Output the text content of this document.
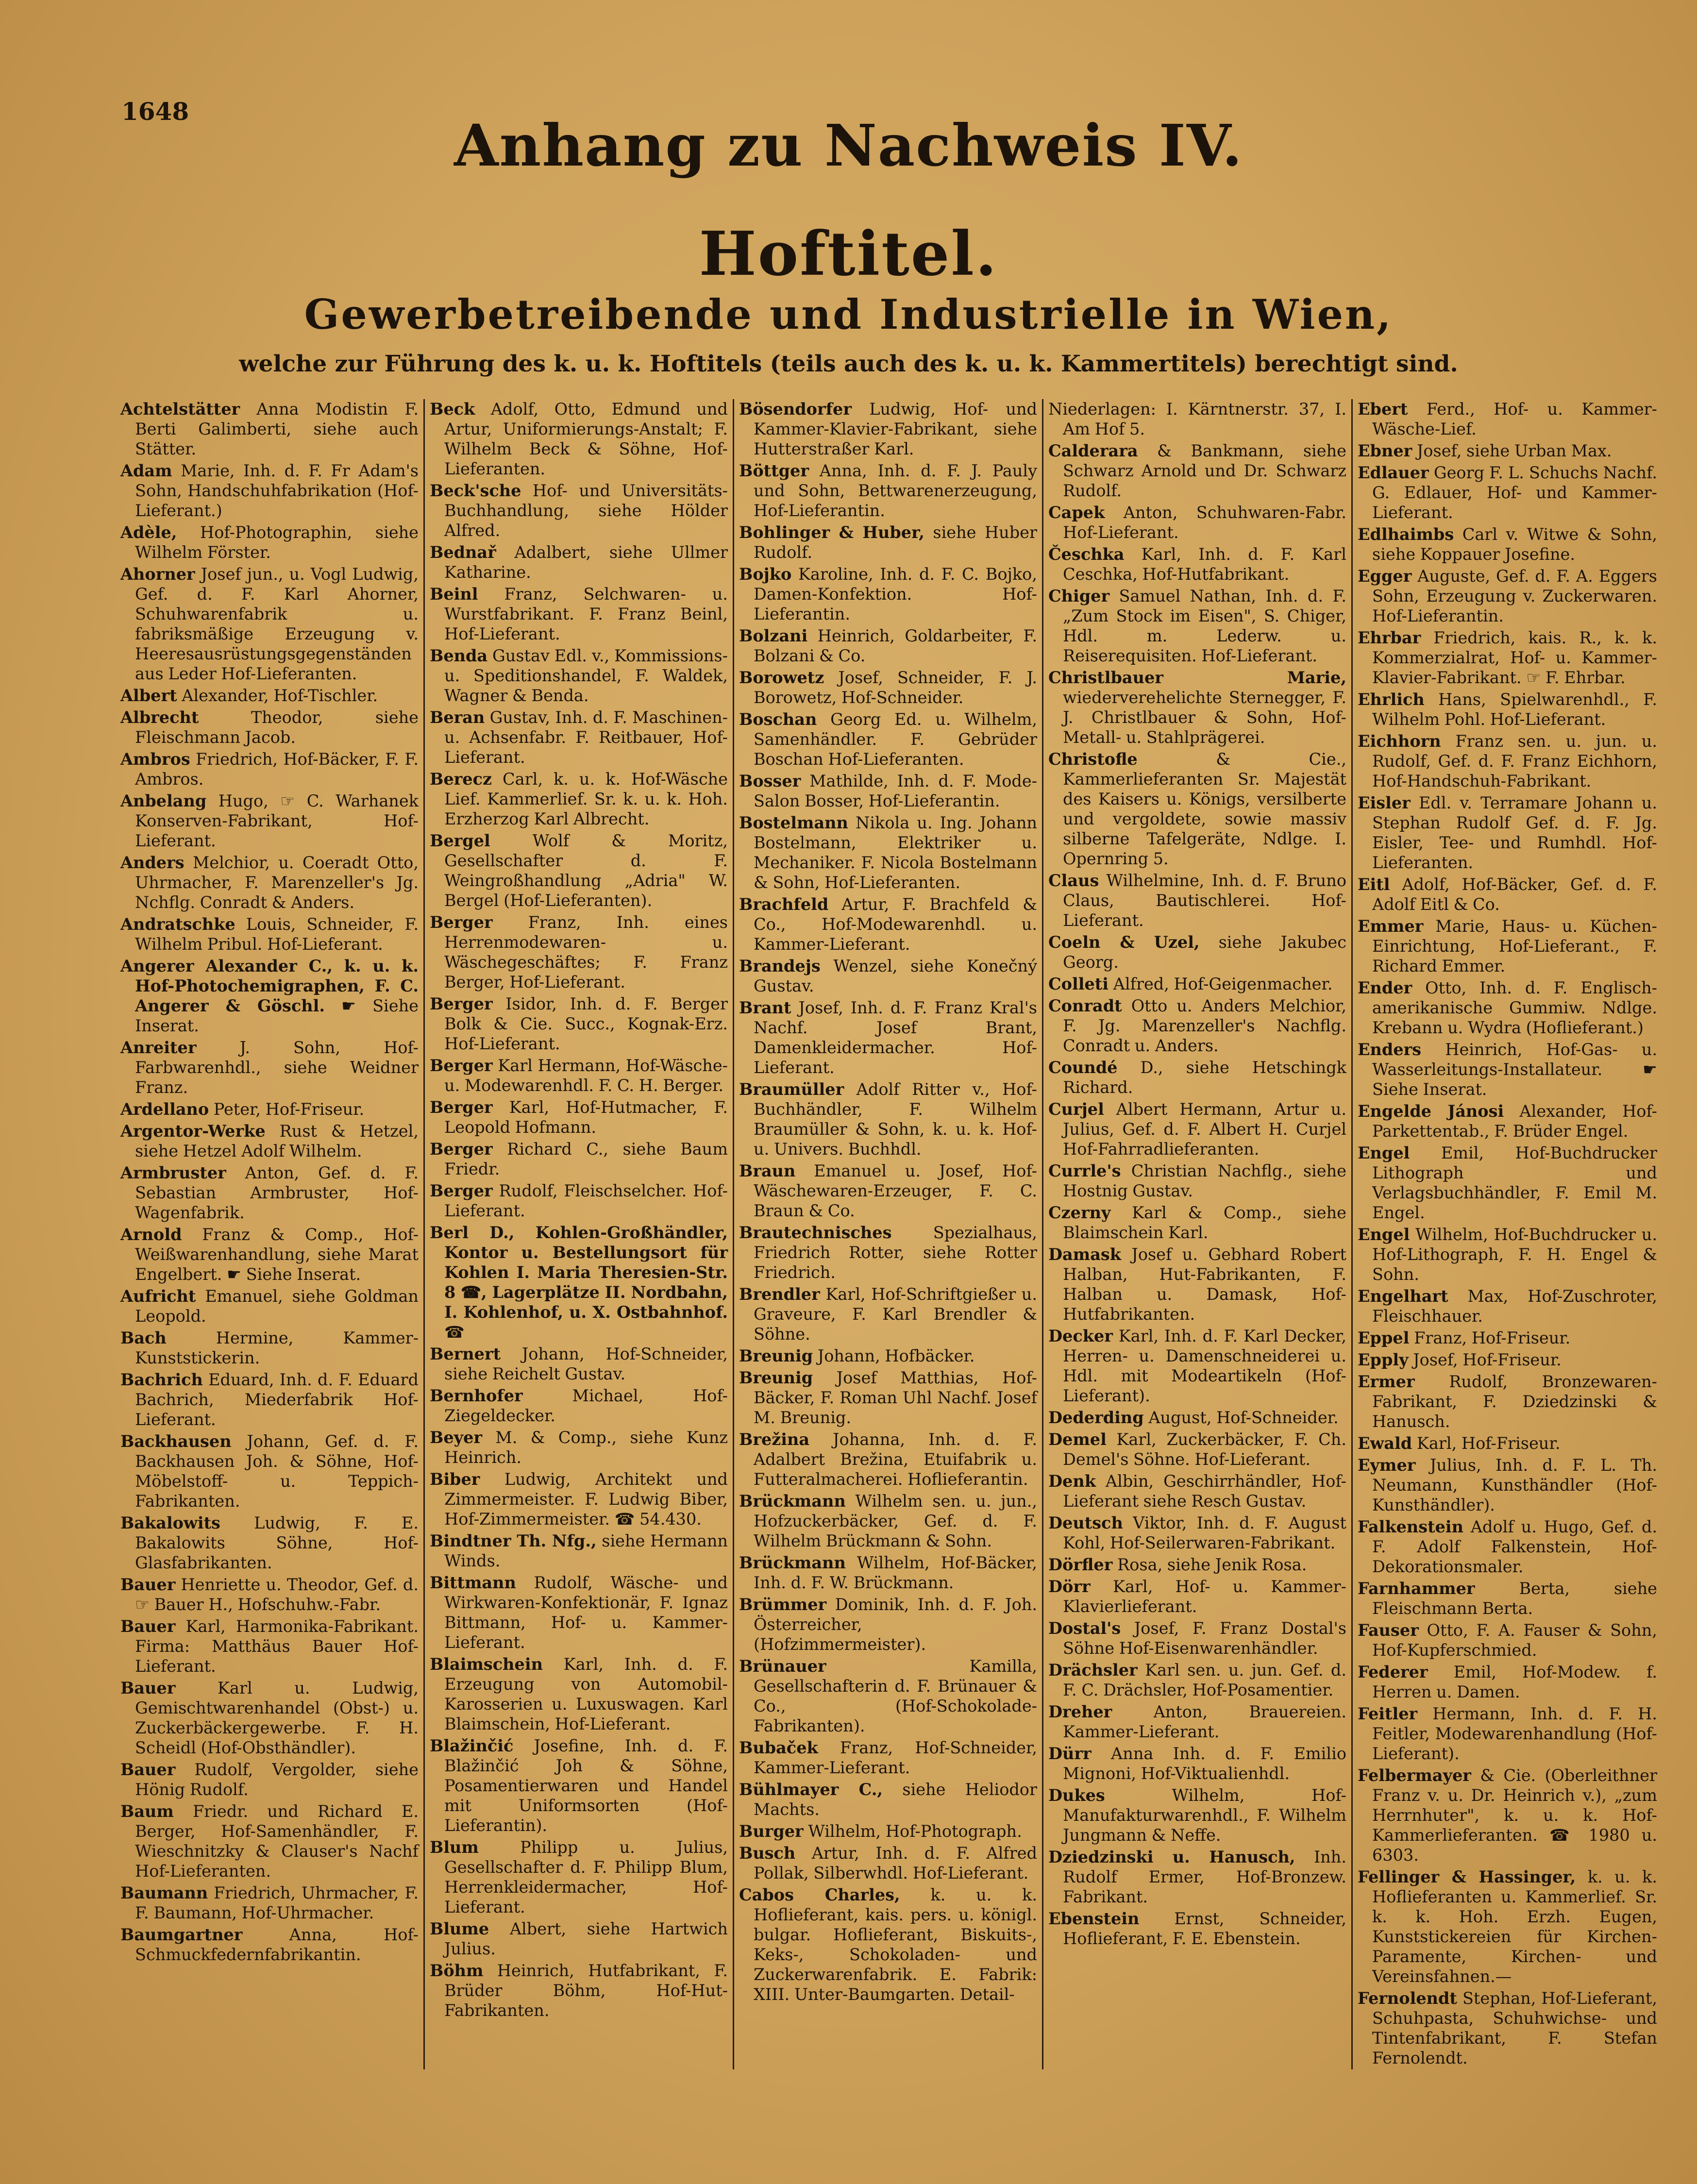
1648
Anhang zu Nachweis IV.
Hoftitel.
Gewerbetreibende und Industrielle in Wien,
welche zur Führung des k. u. k. Hoftitels (teils auch des k. u. k. Kammertitels) berechtigt sind.

Achtelstätter Anna Modistin F. Berti Galimberti, siehe auch Stätter.

Adam Marie, Inh. d. F. Fr Adam's Sohn, Handschuhfabrikation (Hof-Lieferant.)

Adèle, Hof-Photographin, siehe Wilhelm Förster.

Ahorner Josef jun., u. Vogl Ludwig, Gef. d. F. Karl Ahorner, Schuhwarenfabrik u. fabriksmäßige Erzeugung v. Heeresausrüstungsgegenständen aus Leder Hof-Lieferanten.

Albert Alexander, Hof-Tischler.

Albrecht	Theodor, siehe Fleischmann Jacob.

Ambros Friedrich, Hof-Bäcker, F. F. Ambros.

Anbelang Hugo, ☞ C. Warhanek Konserven-Fabrikant, Hof-Lieferant.

Anders Melchior, u. Coeradt Otto, Uhrmacher, F. Marenzeller's Jg. Nchflg. Conradt & Anders.

Andratschke Louis, Schneider, F. Wilhelm Pribul. Hof-Lieferant.

Angerer Alexander C., k. u. k. Hof-Photochemigraphen, F. C. Angerer & Göschl. ☛ Siehe Inserat.

Anreiter	J. Sohn, Hof-Farbwarenhdl., siehe Weidner Franz.

Ardellano Peter, Hof-Friseur.

Argentor-Werke Rust & Hetzel, siehe Hetzel Adolf Wilhelm.

Armbruster Anton, Gef. d. F. Sebastian Armbruster, Hof-Wagenfabrik.

Arnold Franz & Comp., Hof-Weißwarenhandlung, siehe Marat Engelbert. ☛ Siehe Inserat.

Aufricht Emanuel, siehe Goldman Leopold.

Bach	Hermine, Kammer-Kunststickerin.

Bachrich Eduard, Inh. d. F. Eduard Bachrich, Miederfabrik Hof-Lieferant.

Backhausen Johann, Gef. d. F. Backhausen Joh. & Söhne, Hof-Möbelstoff- u. Teppich-Fabrikanten.

Bakalowits Ludwig, F. E. Bakalowits Söhne, Hof-Glasfabrikanten.

Bauer Henriette u. Theodor, Gef. d. ☞ Bauer H., Hofschuhw.-Fabr.

Bauer Karl, Harmonika-Fabrikant. Firma: Matthäus Bauer Hof-Lieferant.

Bauer	Karl u. Ludwig, Gemischtwarenhandel (Obst-) u. Zuckerbäckergewerbe. F. H. Scheidl (Hof-Obsthändler).

Bauer Rudolf, Vergolder, siehe Hönig Rudolf.

Baum Friedr. und Richard E. Berger, Hof-Samenhändler, F. Wieschnitzky & Clauser's Nachf Hof-Lieferanten.

Baumann Friedrich, Uhrmacher, F. F. Baumann, Hof-Uhrmacher.

Baumgartner	Anna, Hof-Schmuckfedernfabrikantin.

Beck Adolf, Otto, Edmund und Artur, Uniformierungs-Anstalt; F. Wilhelm Beck & Söhne, Hof-Lieferanten.

Beck'sche Hof- und Universitäts-Buchhandlung, siehe Hölder Alfred.

Bednař Adalbert, siehe Ullmer Katharine.

Beinl Franz, Selchwaren- u. Wurstfabrikant. F. Franz Beinl, Hof-Lieferant.

Benda Gustav Edl. v., Kommissions- u. Speditionshandel, F. Waldek, Wagner & Benda.

Beran Gustav, Inh. d. F. Maschinen- u. Achsenfabr. F. Reitbauer, Hof-Lieferant.

Berecz Carl, k. u. k. Hof-Wäsche Lief. Kammerlief. Sr. k. u. k. Hoh. Erzherzog Karl Albrecht.

Bergel	Wolf & Moritz, Gesellschafter d. F. Weingroßhandlung „Adria" W. Bergel (Hof-Lieferanten).

Berger Franz, Inh. eines Herrenmodewaren- u. Wäschegeschäftes; F. Franz Berger, Hof-Lieferant.

Berger Isidor, Inh. d. F. Berger Bolk & Cie. Succ., Kognak-Erz. Hof-Lieferant.

Berger Karl Hermann, Hof-Wäsche- u. Modewarenhdl. F. C. H. Berger.

Berger Karl, Hof-Hutmacher, F. Leopold Hofmann.

Berger Richard C., siehe Baum Friedr.

Berger Rudolf, Fleischselcher. Hof-Lieferant.

Berl D., Kohlen-Großhändler, Kontor u. Bestellungsort für Kohlen I. Maria Theresien-Str. 8 ☎, Lagerplätze II. Nordbahn, I. Kohlenhof, u. X. Ostbahnhof. ☎

Bernert Johann, Hof-Schneider, siehe Reichelt Gustav.

Bernhofer	Michael, Hof-Ziegeldecker.

Beyer M. & Comp., siehe Kunz Heinrich.

Biber Ludwig, Architekt und Zimmermeister. F. Ludwig Biber, Hof-Zimmermeister. ☎ 54.430.

Bindtner Th. Nfg., siehe Hermann Winds.

Bittmann Rudolf, Wäsche- und Wirkwaren-Konfektionär, F. Ignaz Bittmann, Hof- u. Kammer-Lieferant.

Blaimschein Karl, Inh. d. F. Erzeugung von Automobil-Karosserien u. Luxuswagen. Karl Blaimschein, Hof-Lieferant.

Blažinčić Josefine, Inh. d. F. Blažinčić Joh & Söhne, Posamentierwaren und Handel mit Uniformsorten (Hof-Lieferantin).

Blum	Philipp u. Julius, Gesellschafter d. F. Philipp Blum, Herrenkleidermacher, Hof-Lieferant.

Blume Albert, siehe Hartwich Julius.

Böhm Heinrich, Hutfabrikant, F. Brüder Böhm, Hof-Hut-Fabrikanten.

Bösendorfer Ludwig, Hof- und Kammer-Klavier-Fabrikant, siehe Hutterstraßer Karl.

Böttger Anna, Inh. d. F. J. Pauly und Sohn, Bettwarenerzeugung, Hof-Lieferantin.

Bohlinger & Huber, siehe Huber Rudolf.

Bojko Karoline, Inh. d. F. C. Bojko, Damen-Konfektion. Hof-Lieferantin.

Bolzani Heinrich, Goldarbeiter, F. Bolzani & Co.

Borowetz Josef, Schneider, F. J. Borowetz, Hof-Schneider.

Boschan Georg Ed. u. Wilhelm, Samenhändler. F. Gebrüder Boschan Hof-Lieferanten.

Bosser Mathilde, Inh. d. F. Mode-Salon Bosser, Hof-Lieferantin.

Bostelmann Nikola u. Ing. Johann Bostelmann, Elektriker u. Mechaniker. F. Nicola Bostelmann & Sohn, Hof-Lieferanten.

Brachfeld Artur, F. Brachfeld & Co., Hof-Modewarenhdl. u. Kammer-Lieferant.

Brandejs Wenzel, siehe Konečný Gustav.

Brant Josef, Inh. d. F. Franz Kral's Nachf. Josef Brant, Damenkleidermacher. Hof-Lieferant.

Braumüller Adolf Ritter v., Hof-Buchhändler, F. Wilhelm Braumüller & Sohn, k. u. k. Hof- u. Univers. Buchhdl.

Braun Emanuel u. Josef, Hof-Wäschewaren-Erzeuger, F. C. Braun & Co.

Brautechnisches	Spezialhaus, Friedrich Rotter, siehe Rotter Friedrich.

Brendler Karl, Hof-Schriftgießer u. Graveure, F. Karl Brendler & Söhne.

Breunig Johann, Hofbäcker.

Breunig Josef Matthias, Hof-Bäcker, F. Roman Uhl Nachf. Josef M. Breunig.

Brežina Johanna, Inh. d. F. Adalbert Brežina, Etuifabrik u. Futteralmacherei. Hoflieferantin.

Brückmann Wilhelm sen. u. jun., Hofzuckerbäcker, Gef. d. F. Wilhelm Brückmann & Sohn.

Brückmann Wilhelm, Hof-Bäcker, Inh. d. F. W. Brückmann.

Brümmer Dominik, Inh. d. F. Joh. Österreicher, (Hofzimmermeister).

Brünauer	Kamilla, Gesellschafterin d. F. Brünauer & Co., (Hof-Schokolade-Fabrikanten).

Bubaček Franz, Hof-Schneider, Kammer-Lieferant.

Bühlmayer C., siehe Heliodor Machts.

Burger Wilhelm, Hof-Photograph.

Busch Artur, Inh. d. F. Alfred Pollak, Silberwhdl. Hof-Lieferant.

Cabos Charles, k. u. k. Hoflieferant, kais. pers. u. königl. bulgar. Hoflieferant, Biskuits-, Keks-, Schokoladen- und Zuckerwarenfabrik. E. Fabrik: XIII. Unter-Baumgarten. Detail-

Niederlagen: I. Kärntnerstr. 37, I. Am Hof 5.

Calderara & Bankmann, siehe Schwarz Arnold und Dr. Schwarz Rudolf.

Capek Anton, Schuhwaren-Fabr. Hof-Lieferant.

Česchka Karl, Inh. d. F. Karl Ceschka, Hof-Hutfabrikant.

Chiger Samuel Nathan, Inh. d. F. „Zum Stock im Eisen", S. Chiger, Hdl. m. Lederw. u. Reiserequisiten. Hof-Lieferant.

Christlbauer Marie, wiederverehelichte Sternegger, F. J. Christlbauer & Sohn, Hof-Metall- u. Stahlprägerei.

Christofle	& Cie., Kammerlieferanten Sr. Majestät des Kaisers u. Königs, versilberte und vergoldete, sowie massiv silberne Tafelgeräte, Ndlge. I. Opernring 5.

Claus Wilhelmine, Inh. d. F. Bruno Claus, Bautischlerei. Hof-Lieferant.

Coeln & Uzel, siehe Jakubec Georg.

Colleti Alfred, Hof-Geigenmacher.

Conradt Otto u. Anders Melchior, F. Jg. Marenzeller's Nachflg. Conradt u. Anders.

Coundé D., siehe Hetschingk Richard.

Curjel Albert Hermann, Artur u. Julius, Gef. d. F. Albert H. Curjel Hof-Fahrradlieferanten.

Currle's Christian Nachflg., siehe Hostnig Gustav.

Czerny Karl & Comp., siehe Blaimschein Karl.

Damask Josef u. Gebhard Robert Halban, Hut-Fabrikanten, F. Halban u. Damask, Hof-Hutfabrikanten.

Decker Karl, Inh. d. F. Karl Decker, Herren- u. Damenschneiderei u. Hdl. mit Modeartikeln (Hof-Lieferant).

Dederding August, Hof-Schneider.

Demel Karl, Zuckerbäcker, F. Ch. Demel's Söhne. Hof-Lieferant.

Denk Albin, Geschirrhändler, Hof-Lieferant siehe Resch Gustav.

Deutsch Viktor, Inh. d. F. August Kohl, Hof-Seilerwaren-Fabrikant.

Dörfler Rosa, siehe Jenik Rosa.

Dörr Karl, Hof- u. Kammer-Klavierlieferant.

Dostal's Josef, F. Franz Dostal's Söhne Hof-Eisenwarenhändler.

Drächsler Karl sen. u. jun. Gef. d. F. C. Drächsler, Hof-Posamentier.

Dreher	Anton, Brauereien. Kammer-Lieferant.

Dürr Anna Inh. d. F. Emilio Mignoni, Hof-Viktualienhdl.

Dukes	Wilhelm, Hof-Manufakturwarenhdl., F. Wilhelm Jungmann & Neffe.

Dziedzinski u. Hanusch, Inh. Rudolf Ermer, Hof-Bronzew. Fabrikant.

Ebenstein Ernst, Schneider, Hoflieferant, F. E. Ebenstein.

Ebert Ferd., Hof- u. Kammer-Wäsche-Lief.

Ebner Josef, siehe Urban Max.

Edlauer Georg F. L. Schuchs Nachf. G. Edlauer, Hof- und Kammer-Lieferant.

Edlhaimbs Carl v. Witwe & Sohn, siehe Koppauer Josefine.

Egger Auguste, Gef. d. F. A. Eggers Sohn, Erzeugung v. Zuckerwaren. Hof-Lieferantin.

Ehrbar Friedrich, kais. R., k. k. Kommerzialrat, Hof- u. Kammer-Klavier-Fabrikant. ☞ F. Ehrbar.

Ehrlich Hans, Spielwarenhdl., F. Wilhelm Pohl. Hof-Lieferant.

Eichhorn Franz sen. u. jun. u. Rudolf, Gef. d. F. Franz Eichhorn, Hof-Handschuh-Fabrikant.

Eisler Edl. v. Terramare Johann u. Stephan Rudolf Gef. d. F. Jg. Eisler, Tee- und Rumhdl. Hof-Lieferanten.

Eitl Adolf, Hof-Bäcker, Gef. d. F. Adolf Eitl & Co.

Emmer Marie, Haus- u. Küchen-Einrichtung, Hof-Lieferant., F. Richard Emmer.

Ender Otto, Inh. d. F. Englisch-amerikanische Gummiw. Ndlge. Krebann u. Wydra (Hoflieferant.)

Enders Heinrich, Hof-Gas- u. Wasserleitungs-Installateur. ☛ Siehe Inserat.

Engelde Jánosi Alexander, Hof-Parkettentab., F. Brüder Engel.

Engel Emil, Hof-Buchdrucker Lithograph und Verlagsbuchhändler, F. Emil M. Engel.

Engel Wilhelm, Hof-Buchdrucker u. Hof-Lithograph, F. H. Engel & Sohn.

Engelhart Max, Hof-Zuschroter, Fleischhauer.

Eppel Franz, Hof-Friseur.

Epply Josef, Hof-Friseur.

Ermer Rudolf, Bronzewaren-Fabrikant, F. Dziedzinski & Hanusch.

Ewald Karl, Hof-Friseur.

Eymer Julius, Inh. d. F. L. Th. Neumann, Kunsthändler (Hof-Kunsthändler).

Falkenstein Adolf u. Hugo, Gef. d. F. Adolf Falkenstein, Hof-Dekorationsmaler.

Farnhammer	Berta, siehe Fleischmann Berta.

Fauser Otto, F. A. Fauser & Sohn, Hof-Kupferschmied.

Federer Emil, Hof-Modew. f. Herren u. Damen.

Feitler Hermann, Inh. d. F. H. Feitler, Modewarenhandlung (Hof-Lieferant).

Felbermayer & Cie. (Oberleithner Franz v. u. Dr. Heinrich v.), „zum Herrnhuter", k. u. k. Hof-Kammerlieferanten. ☎ 1980 u. 6303.

Fellinger & Hassinger, k. u. k. Hoflieferanten u. Kammerlief. Sr. k. k. Hoh. Erzh. Eugen, Kunststickereien für Kirchen-Paramente, Kirchen- und Vereinsfahnen.—

Fernolendt Stephan, Hof-Lieferant, Schuhpasta, Schuhwichse- und Tintenfabrikant, F. Stefan Fernolendt.
